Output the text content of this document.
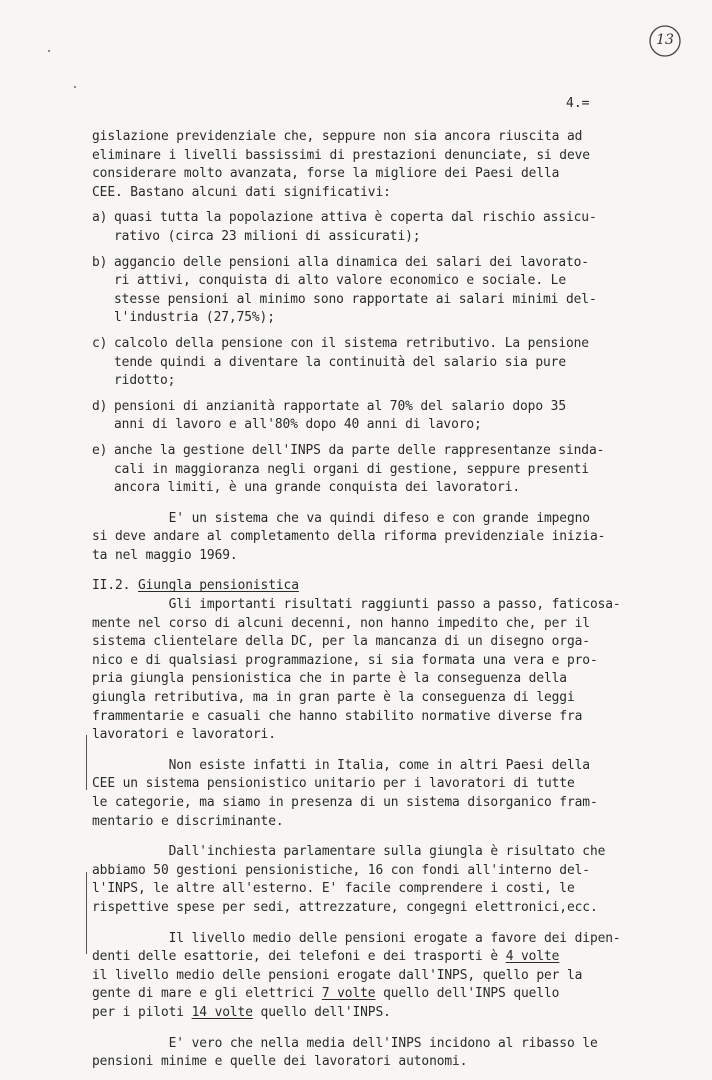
13
4.=
gislazione previdenziale che, seppure non sia ancora riuscita ad
eliminare i livelli bassissimi di prestazioni denunciate, si deve
considerare molto avanzata, forse la migliore dei Paesi della
CEE. Bastano alcuni dati significativi:
a) quasi tutta la popolazione attiva è coperta dal rischio assicu-
rativo (circa 23 milioni di assicurati);
b) aggancio delle pensioni alla dinamica dei salari dei lavorato-
ri attivi, conquista di alto valore economico e sociale. Le
stesse pensioni al minimo sono rapportate ai salari minimi del-
l'industria (27,75%);
c) calcolo della pensione con il sistema retributivo. La pensione
tende quindi a diventare la continuità del salario sia pure
ridotto;
d) pensioni di anzianità rapportate al 70% del salario dopo 35
anni di lavoro e all'80% dopo 40 anni di lavoro;
e) anche la gestione dell'INPS da parte delle rappresentanze sinda-
cali in maggioranza negli organi di gestione, seppure presenti
ancora limiti, è una grande conquista dei lavoratori.
E' un sistema che va quindi difeso e con grande impegno
si deve andare al completamento della riforma previdenziale inizia-
ta nel maggio 1969.
II.2. Giungla pensionistica
Gli importanti risultati raggiunti passo a passo, faticosa-
mente nel corso di alcuni decenni, non hanno impedito che, per il
sistema clientelare della DC, per la mancanza di un disegno orga-
nico e di qualsiasi programmazione, si sia formata una vera e pro-
pria giungla pensionistica che in parte è la conseguenza della
giungla retributiva, ma in gran parte è la conseguenza di leggi
frammentarie e casuali che hanno stabilito normative diverse fra
lavoratori e lavoratori.
Non esiste infatti in Italia, come in altri Paesi della
CEE un sistema pensionistico unitario per i lavoratori di tutte
le categorie, ma siamo in presenza di un sistema disorganico fram-
mentario e discriminante.
Dall'inchiesta parlamentare sulla giungla è risultato che
abbiamo 50 gestioni pensionistiche, 16 con fondi all'interno del-
l'INPS, le altre all'esterno. E' facile comprendere i costi, le
rispettive spese per sedi, attrezzature, congegni elettronici,ecc.
Il livello medio delle pensioni erogate a favore dei dipen-
denti delle esattorie, dei telefoni e dei trasporti è 4 volte
il livello medio delle pensioni erogate dall'INPS, quello per la
gente di mare e gli elettrici 7 volte quello dell'INPS quello
per i piloti 14 volte quello dell'INPS.
E' vero che nella media dell'INPS incidono al ribasso le
pensioni minime e quelle dei lavoratori autonomi.
